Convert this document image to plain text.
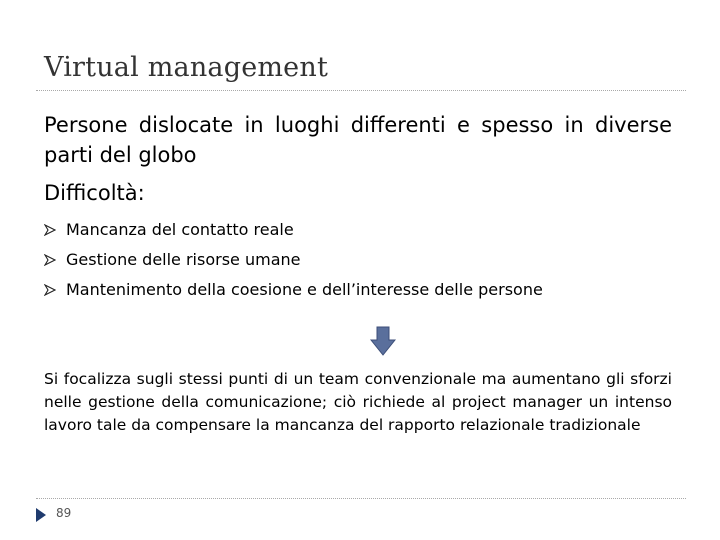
Virtual management
Persone dislocate in luoghi differenti e spesso in diverse parti del globo
Difficoltà:
Mancanza del contatto reale
Gestione delle risorse umane
Mantenimento della coesione e dell’interesse delle persone
Si focalizza sugli stessi punti di un team convenzionale ma aumentano gli sforzi nelle gestione della comunicazione; ciò richiede al project manager un intenso lavoro tale da compensare la mancanza del rapporto relazionale tradizionale
89
